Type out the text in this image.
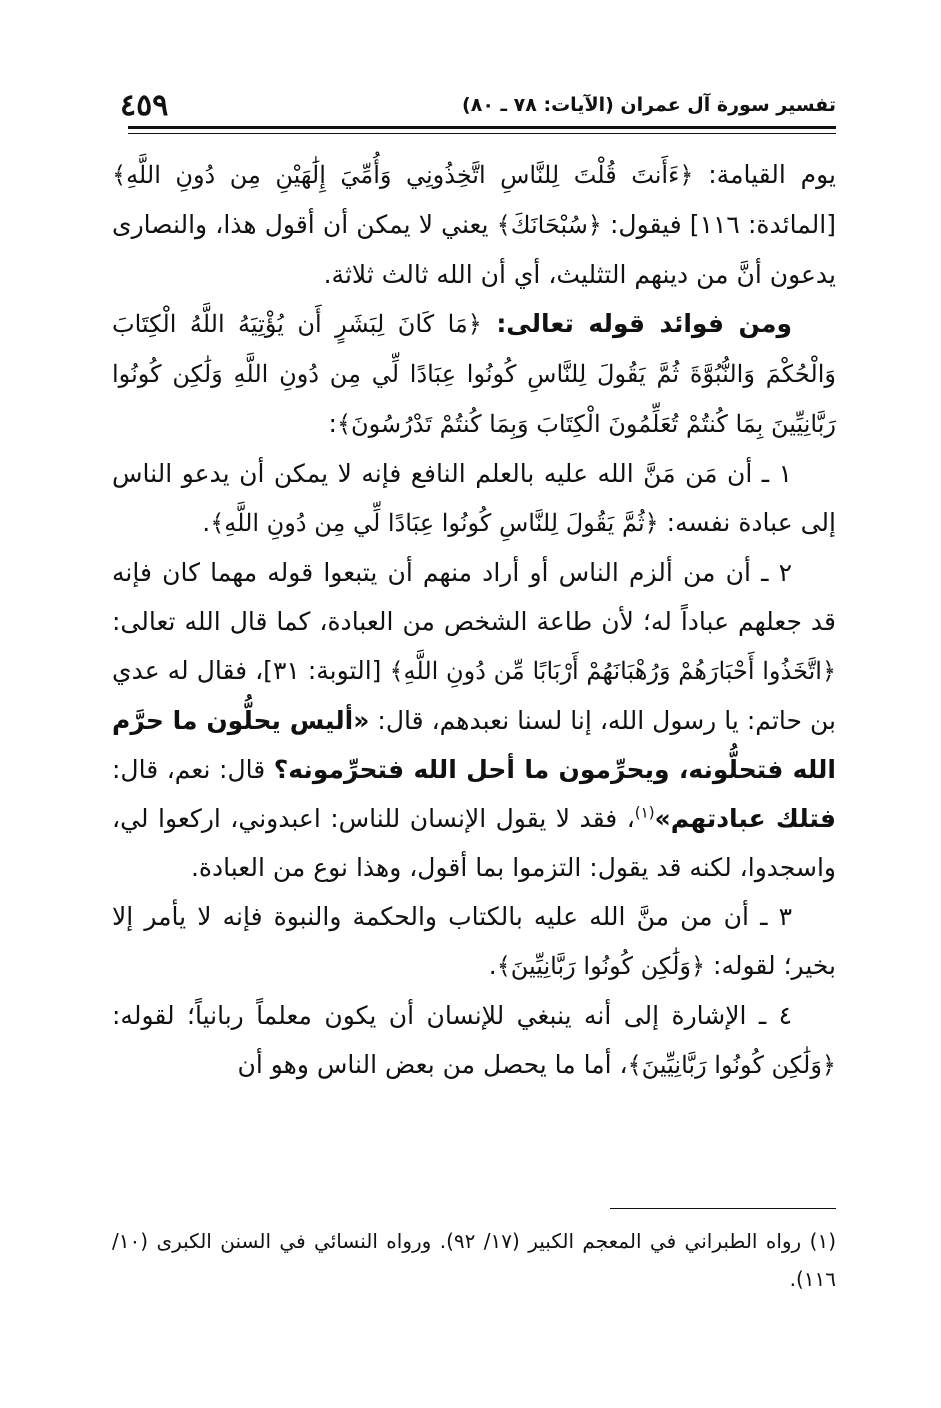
تفسير سورة آل عمران (الآيات: ٧٨ ـ ٨٠)
٤٥٩

يوم القيامة: ﴿ءَأَنتَ قُلْتَ لِلنَّاسِ اتَّخِذُونِي وَأُمِّيَ إِلَٰهَيْنِ مِن دُونِ اللَّهِ﴾ [المائدة: ١١٦] فيقول: ﴿سُبْحَانَكَ﴾ يعني لا يمكن أن أقول هذا، والنصارى يدعون أنَّ من دينهم التثليث، أي أن الله ثالث ثلاثة.

ومن فوائد قوله تعالى: ﴿مَا كَانَ لِبَشَرٍ أَن يُؤْتِيَهُ اللَّهُ الْكِتَابَ وَالْحُكْمَ وَالنُّبُوَّةَ ثُمَّ يَقُولَ لِلنَّاسِ كُونُوا عِبَادًا لِّي مِن دُونِ اللَّهِ وَلَٰكِن كُونُوا رَبَّانِيِّينَ بِمَا كُنتُمْ تُعَلِّمُونَ الْكِتَابَ وَبِمَا كُنتُمْ تَدْرُسُونَ﴾:

١ ـ أن مَن مَنَّ الله عليه بالعلم النافع فإنه لا يمكن أن يدعو الناس إلى عبادة نفسه: ﴿ثُمَّ يَقُولَ لِلنَّاسِ كُونُوا عِبَادًا لِّي مِن دُونِ اللَّهِ﴾.

٢ ـ أن من ألزم الناس أو أراد منهم أن يتبعوا قوله مهما كان فإنه قد جعلهم عباداً له؛ لأن طاعة الشخص من العبادة، كما قال الله تعالى: ﴿اتَّخَذُوا أَحْبَارَهُمْ وَرُهْبَانَهُمْ أَرْبَابًا مِّن دُونِ اللَّهِ﴾ [التوبة: ٣١]، فقال له عدي بن حاتم: يا رسول الله، إنا لسنا نعبدهم، قال: «أليس يحلُّون ما حرَّم الله فتحلُّونه، ويحرِّمون ما أحل الله فتحرِّمونه؟ قال: نعم، قال: فتلك عبادتهم»$^{(١)}$، فقد لا يقول الإنسان للناس: اعبدوني، اركعوا لي، واسجدوا، لكنه قد يقول: التزموا بما أقول، وهذا نوع من العبادة.

٣ ـ أن من منَّ الله عليه بالكتاب والحكمة والنبوة فإنه لا يأمر إلا بخير؛ لقوله: ﴿وَلَٰكِن كُونُوا رَبَّانِيِّينَ﴾.

٤ ـ الإشارة إلى أنه ينبغي للإنسان أن يكون معلماً ربانياً؛ لقوله: ﴿وَلَٰكِن كُونُوا رَبَّانِيِّينَ﴾، أما ما يحصل من بعض الناس وهو أن

(١) رواه الطبراني في المعجم الكبير (١٧/ ٩٢). ورواه النسائي في السنن الكبرى (١٠/ ١١٦).
